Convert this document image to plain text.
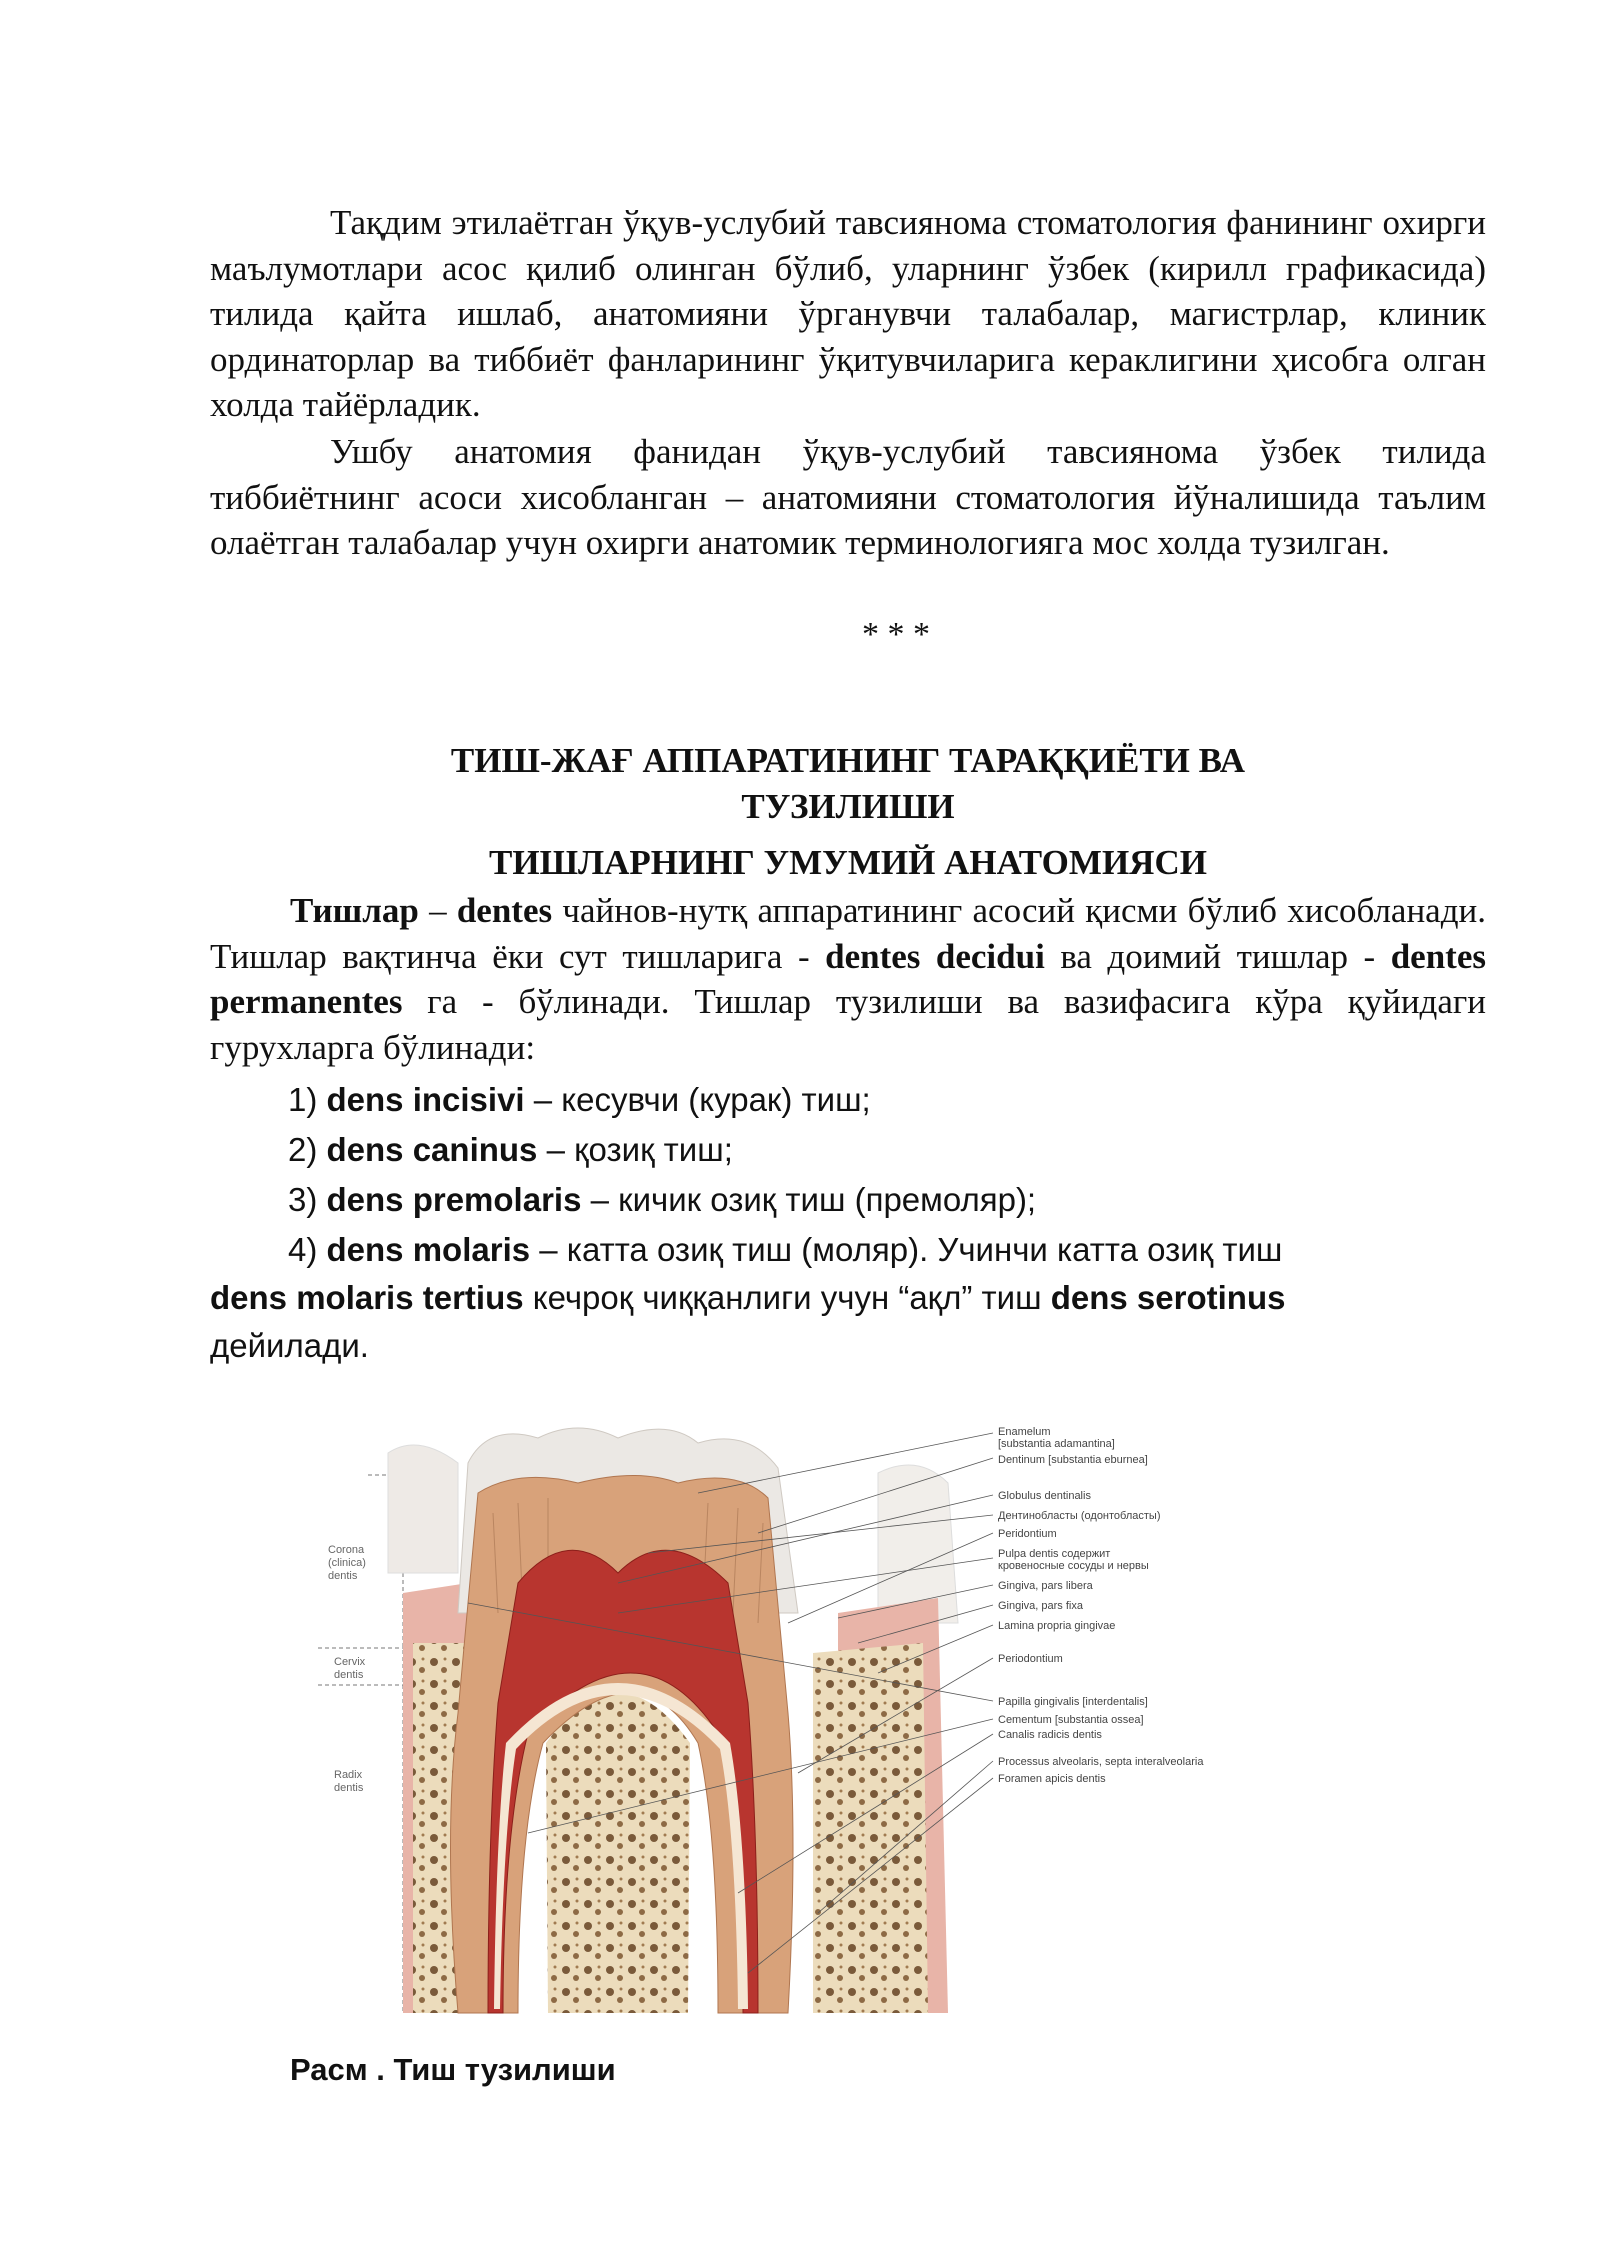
Тақдим этилаётган ўқув-услубий тавсиянома стоматология фанининг охирги маълумотлари асос қилиб олинган бўлиб, уларнинг ўзбек (кирилл графикасида) тилида қайта ишлаб, анатомияни ўрганувчи талабалар, магистрлар, клиник ординаторлар ва тиббиёт фанларининг ўқитувчиларига кераклигини ҳисобга олган холда тайёрладик.

Ушбу анатомия фанидан ўқув-услубий тавсиянома ўзбек тилида тиббиётнинг асоси хисобланган – анатомияни стоматология йўналишида таълим олаётган талабалар учун охирги анатомик терминологияга мос холда тузилган.

* * *
ТИШ-ЖАҒ АППАРАТИНИНГ ТАРАҚҚИЁТИ ВА
ТУЗИЛИШИ
ТИШЛАРНИНГ УМУМИЙ АНАТОМИЯСИ

Тишлар – dentes чайнов-нутқ аппаратининг асосий қисми бўлиб хисобланади. Тишлар вақтинча ёки сут тишларига - dentes decidui ва доимий тишлар - dentes permanentes га - бўлинади. Тишлар тузилиши ва вазифасига кўра қуйидаги гурухларга бўлинади:

1) dens incisivi – кесувчи (курак) тиш;
2) dens caninus – қозиқ тиш;
3) dens premolaris – кичик озиқ тиш (премоляр);
4) dens molaris – катта озиқ тиш (моляр). Учинчи катта озиқ тиш
dens molaris tertius кечроқ чиққанлиги учун “ақл” тиш dens serotinus
дейилади.
Corona (clinica) dentis
Cervix dentis
Radix dentis
Enamelum
[substantia adamantina]
Dentinum [substantia eburnea]
Globulus dentinalis
Дентинобласты (одонтобласты)
Peridontium
Pulpa dentis содержит
кровеносные сосуды и нервы
Gingiva, pars libera
Gingiva, pars fixa
Lamina propria gingivae
Periodontium
Papilla gingivalis [interdentalis]
Cementum [substantia ossea]
Canalis radicis dentis
Processus alveolaris, septa interalveolaria
Foramen apicis dentis
Расм . Тиш тузилиши
